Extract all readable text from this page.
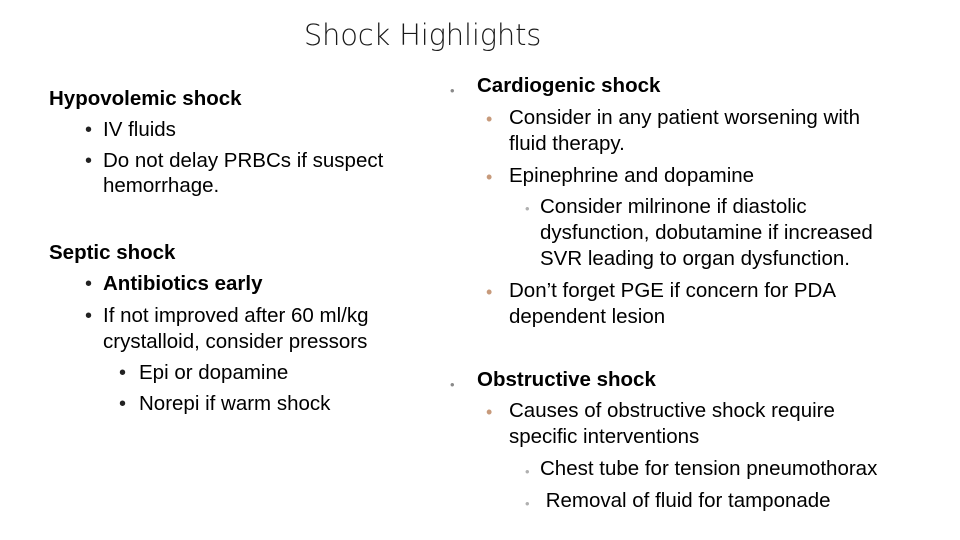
Shock Highlights
Hypovolemic shock
• IV fluids
• Do not delay PRBCs if suspect
hemorrhage.
Septic shock
• Antibiotics early
• If not improved after 60 ml/kg
crystalloid, consider pressors
• Epi or dopamine
• Norepi if warm shock
• Cardiogenic shock
• Consider in any patient worsening with
fluid therapy.
• Epinephrine and dopamine
• Consider milrinone if diastolic
dysfunction, dobutamine if increased
SVR leading to organ dysfunction.
• Don’t forget PGE if concern for PDA
dependent lesion
• Obstructive shock
• Causes of obstructive shock require
specific interventions
• Chest tube for tension pneumothorax
• Removal of fluid for tamponade
